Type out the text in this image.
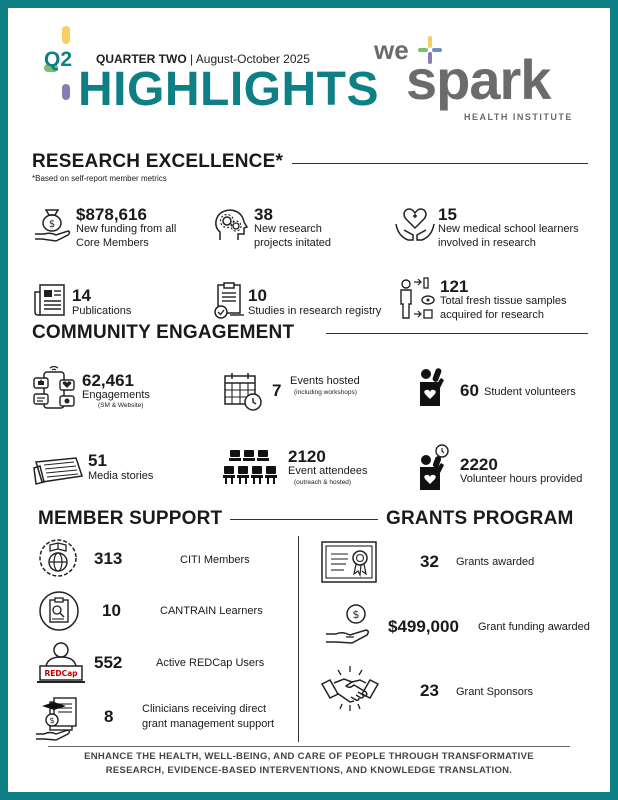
Q2 QUARTER TWO | August-October 2025
HIGHLIGHTS
we
spark
HEALTH INSTITUTE
RESEARCH EXCELLENCE*
*Based on self-report member metrics
$
$878,616
New funding from all
Core Members
38
New research
projects initated
15
New medical school learners
involved in research
14
Publications
10
Studies in research registry
121
Total fresh tissue samples
acquired for research
COMMUNITY ENGAGEMENT
62,461
Engagements
(SM & Website)
7 Events hosted
(including workshops)	60 Student volunteers
51
Media stories
2120
Event attendees
(outreach & hosted)
2220
Volunteer hours provided
MEMBER SUPPORT
313	CITI Members
10	CANTRAIN Learners
REDCap
552	Active REDCap Users
$	8	Clinicians receiving direct
grant management support
GRANTS PROGRAM
32 Grants awarded
$
$499,000 Grant funding awarded
23 Grant Sponsors
ENHANCE THE HEALTH, WELL-BEING, AND CARE OF PEOPLE THROUGH TRANSFORMATIVE
RESEARCH, EVIDENCE-BASED INTERVENTIONS, AND KNOWLEDGE TRANSLATION.
